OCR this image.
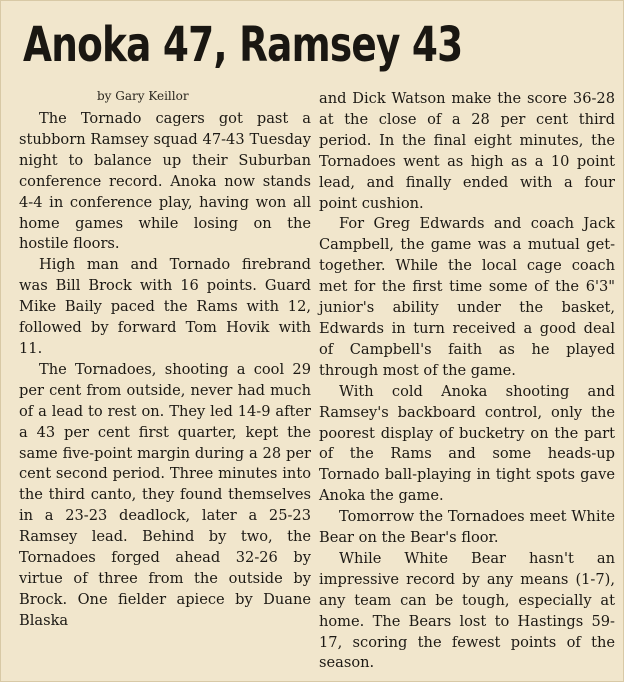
Anoka 47, Ramsey 43
by Gary Keillor

The Tornado cagers got past a stubborn Ramsey squad 47-43 Tuesday night to balance up their Suburban conference record. Anoka now stands 4-4 in conference play, having won all home games while losing on the hostile floors.

High man and Tornado firebrand was Bill Brock with 16 points. Guard Mike Baily paced the Rams with 12, followed by forward Tom Hovik with 11.

The Tornadoes, shooting a cool 29 per cent from outside, never had much of a lead to rest on. They led 14-9 after a 43 per cent first quarter, kept the same five-point margin during a 28 per cent second period. Three minutes into the third canto, they found themselves in a 23-23 deadlock, later a 25-23 Ramsey lead. Behind by two, the Tornadoes forged ahead 32-26 by virtue of three from the outside by Brock. One fielder apiece by Duane Blaska

and Dick Watson make the score 36-28 at the close of a 28 per cent third period. In the final eight minutes, the Tornadoes went as high as a 10 point lead, and finally ended with a four point cushion.

For Greg Edwards and coach Jack Campbell, the game was a mutual get-together. While the local cage coach met for the first time some of the 6'3" junior's ability under the basket, Edwards in turn received a good deal of Campbell's faith as he played through most of the game.

With cold Anoka shooting and Ramsey's backboard control, only the poorest display of bucketry on the part of the Rams and some heads-up Tornado ball-playing in tight spots gave Anoka the game.

Tomorrow the Tornadoes meet White Bear on the Bear's floor.

While White Bear hasn't an impressive record by any means (1-7), any team can be tough, especially at home. The Bears lost to Hastings 59-17, scoring the fewest points of the season.
